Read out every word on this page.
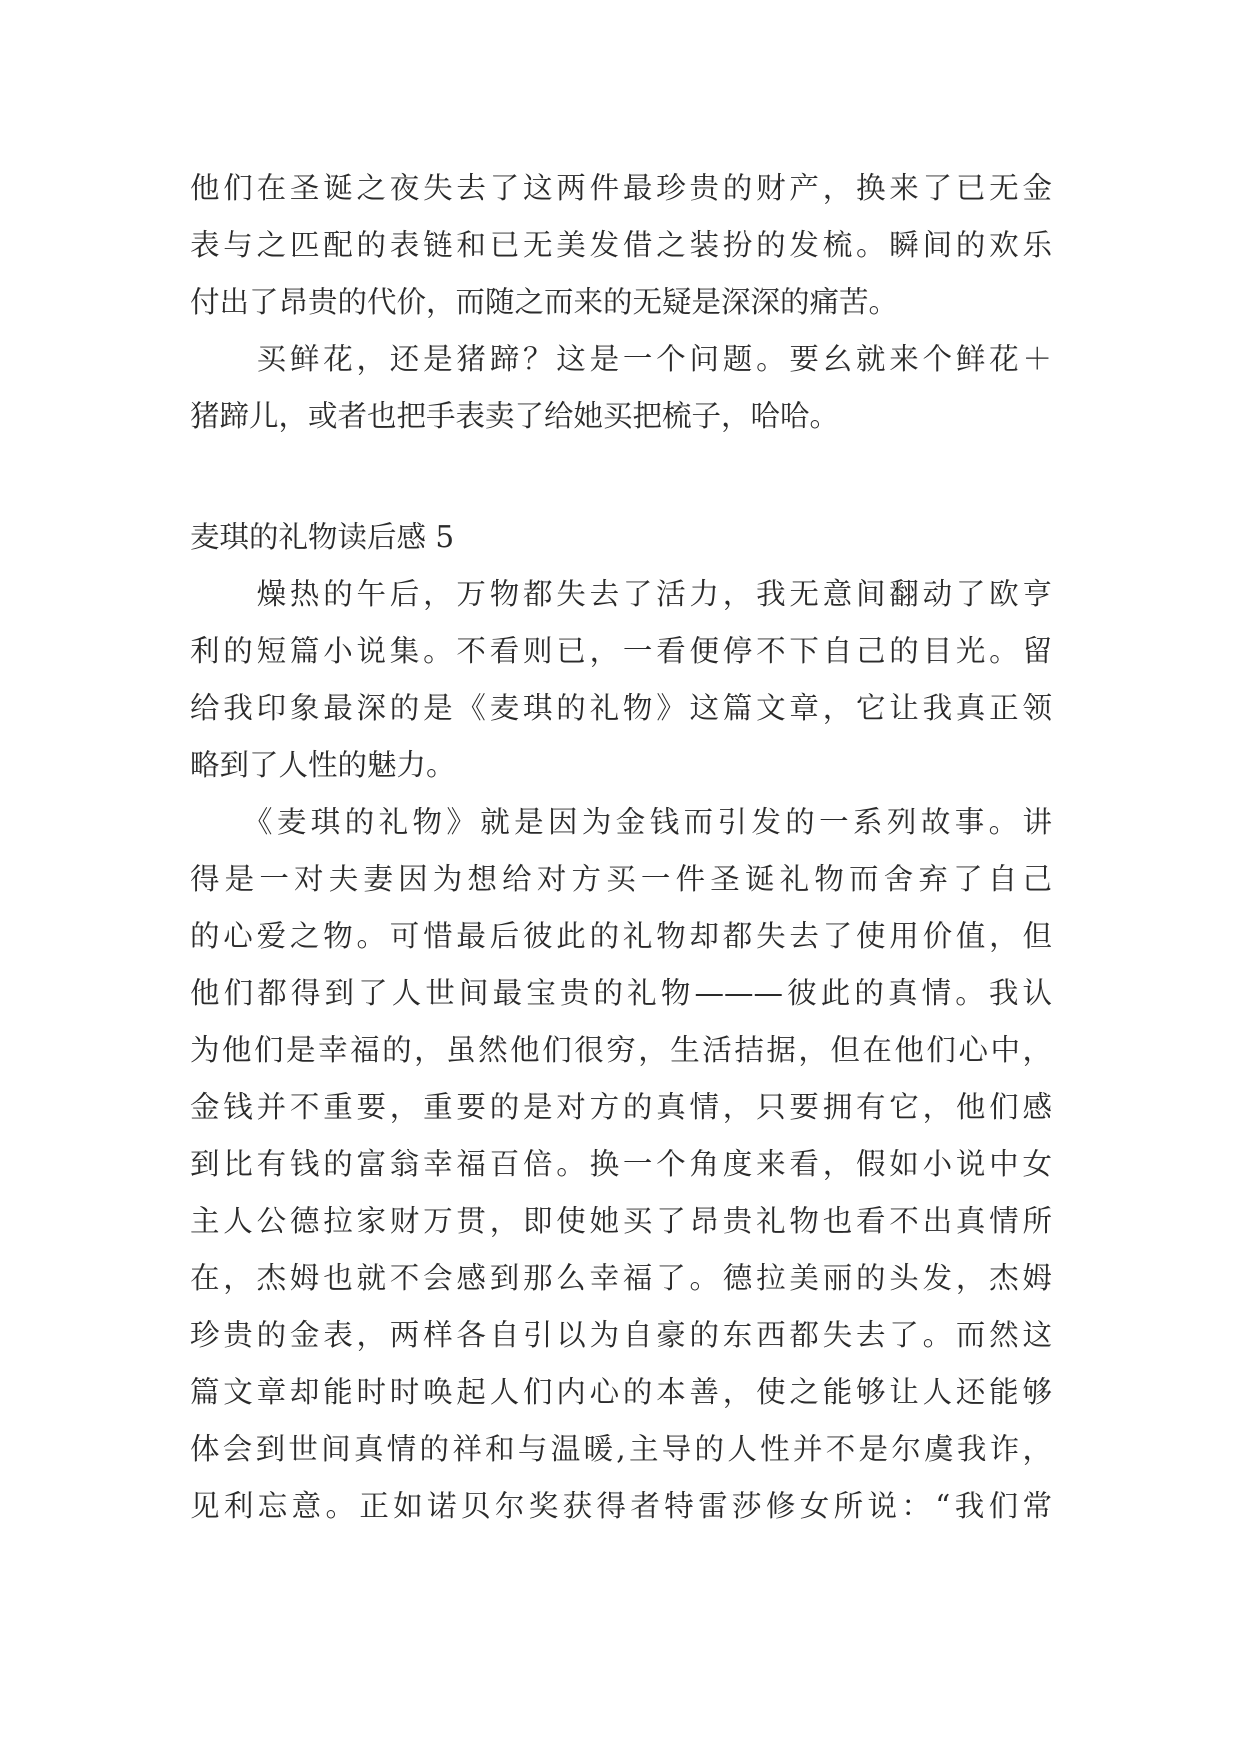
他们在圣诞之夜失去了这两件最珍贵的财产，换来了已无金
表与之匹配的表链和已无美发借之装扮的发梳。瞬间的欢乐
付出了昂贵的代价，而随之而来的无疑是深深的痛苦。
　　买鲜花，还是猪蹄？这是一个问题。要幺就来个鲜花＋
猪蹄儿，或者也把手表卖了给她买把梳子，哈哈。
麦琪的礼物读后感 5
　　燥热的午后，万物都失去了活力，我无意间翻动了欧亨
利的短篇小说集。不看则已，一看便停不下自己的目光。留
给我印象最深的是《麦琪的礼物》这篇文章，它让我真正领
略到了人性的魅力。
　　《麦琪的礼物》就是因为金钱而引发的一系列故事。讲
得是一对夫妻因为想给对方买一件圣诞礼物而舍弃了自己
的心爱之物。可惜最后彼此的礼物却都失去了使用价值，但
他们都得到了人世间最宝贵的礼物———彼此的真情。我认
为他们是幸福的，虽然他们很穷，生活拮据，但在他们心中，
金钱并不重要，重要的是对方的真情，只要拥有它，他们感
到比有钱的富翁幸福百倍。换一个角度来看，假如小说中女
主人公德拉家财万贯，即使她买了昂贵礼物也看不出真情所
在，杰姆也就不会感到那么幸福了。德拉美丽的头发，杰姆
珍贵的金表，两样各自引以为自豪的东西都失去了。而然这
篇文章却能时时唤起人们内心的本善，使之能够让人还能够
体会到世间真情的祥和与温暖,主导的人性并不是尔虞我诈，
见利忘意。正如诺贝尔奖获得者特雷莎修女所说：“我们常
